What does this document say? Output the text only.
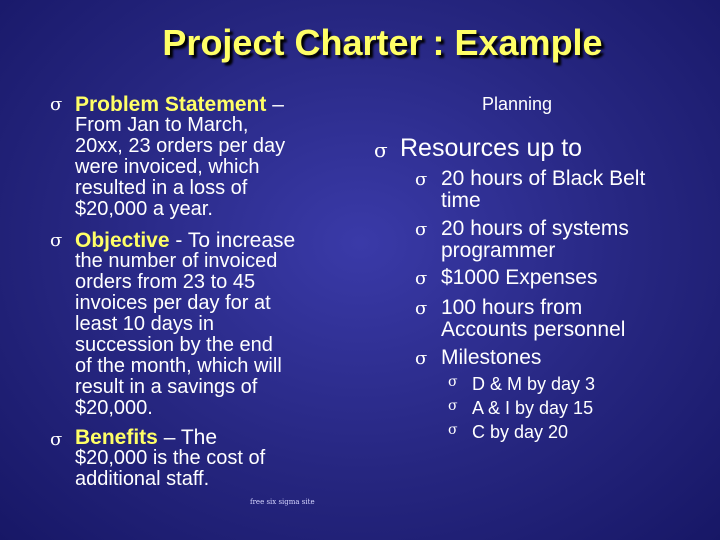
Project Charter : Example
σ Problem Statement –
From Jan to March,
20xx, 23 orders per day
were invoiced, which
resulted in a loss of
$20,000 a year.
σ Objective - To increase
the number of invoiced
orders from 23 to 45
invoices per day for at
least 10 days in
succession by the end
of the month, which will
result in a savings of
$20,000.
σ Benefits – The
$20,000 is the cost of
additional staff.
Planning
σ Resources up to
σ 20 hours of Black Belt
time
σ 20 hours of systems
programmer
σ $1000 Expenses
σ 100 hours from
Accounts personnel
σ Milestones
σ D & M by day 3
σ A & I by day 15
σ C by day 20
free six sigma site
